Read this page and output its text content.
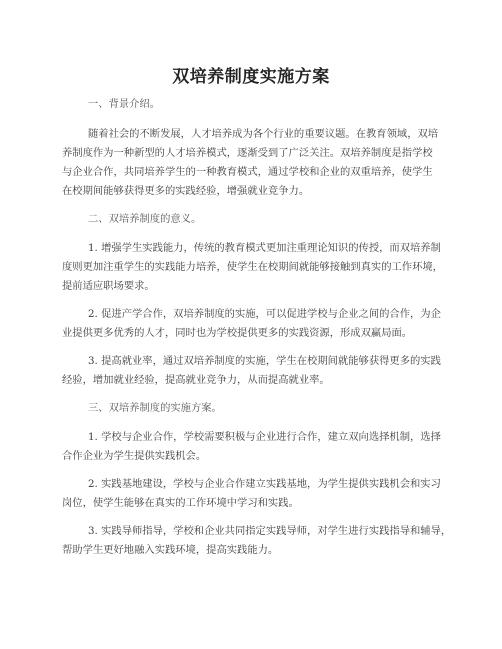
双培养制度实施方案
一、背景介绍。
随着社会的不断发展，人才培养成为各个行业的重要议题。在教育领域，双培
养制度作为一种新型的人才培养模式，逐渐受到了广泛关注。双培养制度是指学校
与企业合作，共同培养学生的一种教育模式，通过学校和企业的双重培养，使学生
在校期间能够获得更多的实践经验，增强就业竞争力。
二、双培养制度的意义。
1. 增强学生实践能力，传统的教育模式更加注重理论知识的传授，而双培养制
度则更加注重学生的实践能力培养，使学生在校期间就能够接触到真实的工作环境，
提前适应职场要求。
2. 促进产学合作，双培养制度的实施，可以促进学校与企业之间的合作，为企
业提供更多优秀的人才，同时也为学校提供更多的实践资源，形成双赢局面。
3. 提高就业率，通过双培养制度的实施，学生在校期间就能够获得更多的实践
经验，增加就业经验，提高就业竞争力，从而提高就业率。
三、双培养制度的实施方案。
1. 学校与企业合作，学校需要积极与企业进行合作，建立双向选择机制，选择
合作企业为学生提供实践机会。
2. 实践基地建设，学校与企业合作建立实践基地，为学生提供实践机会和实习
岗位，使学生能够在真实的工作环境中学习和实践。
3. 实践导师指导，学校和企业共同指定实践导师，对学生进行实践指导和辅导，
帮助学生更好地融入实践环境，提高实践能力。
